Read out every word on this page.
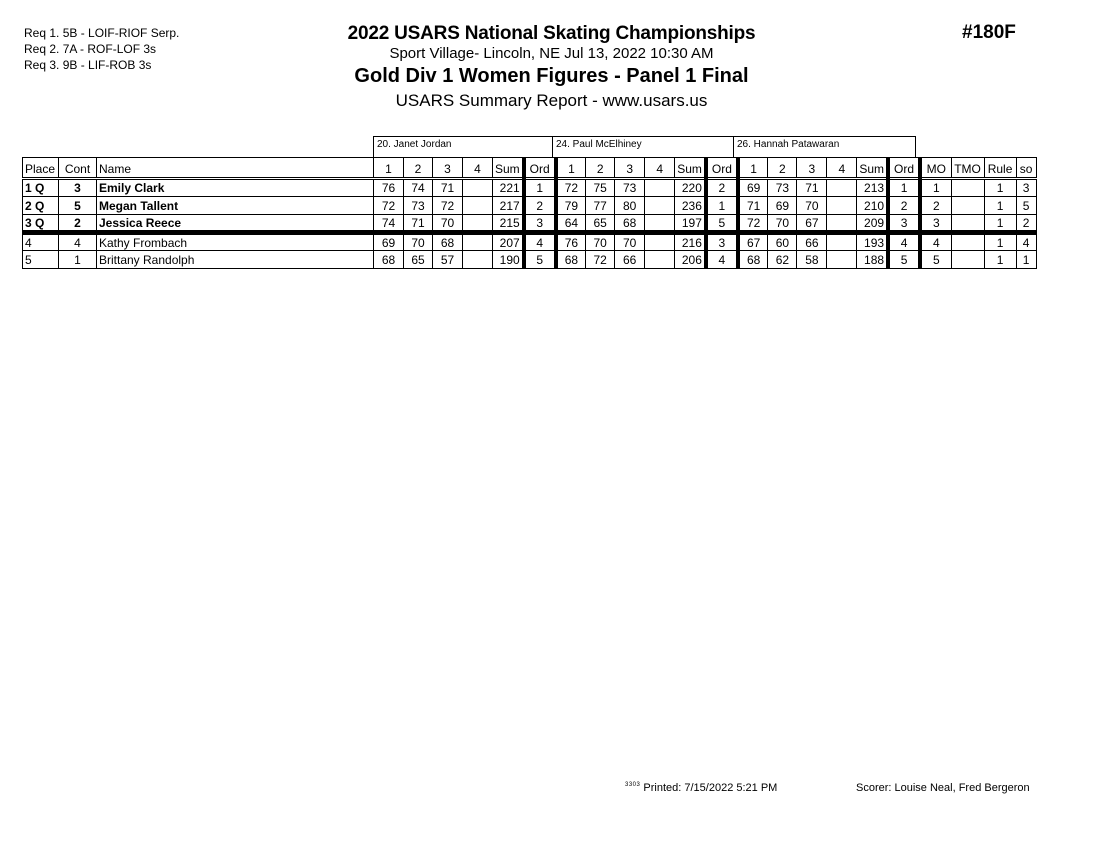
Req 1. 5B - LOIF-RIOF Serp.
Req 2. 7A - ROF-LOF 3s
Req 3. 9B - LIF-ROB 3s
2022 USARS National Skating Championships
Sport Village- Lincoln, NE Jul 13, 2022 10:30 AM
Gold Div 1 Women Figures - Panel 1 Final
USARS Summary Report - www.usars.us
#180F
20. Janet Jordan	24. Paul McElhiney	26. Hannah Patawaran
Place	Cont	Name	1	2	3	4	Sum	Ord	1	2	3	4	Sum	Ord	1	2	3	4	Sum	Ord	MO	TMO	Rule	so
1 Q	3	Emily Clark	76	74	71		221	1	72	75	73		220	2	69	73	71		213	1	1		1	3
2 Q	5	Megan Tallent	72	73	72		217	2	79	77	80		236	1	71	69	70		210	2	2		1	5
3 Q	2	Jessica Reece	74	71	70		215	3	64	65	68		197	5	72	70	67		209	3	3		1	2
4	4	Kathy Frombach	69	70	68		207	4	76	70	70		216	3	67	60	66		193	4	4		1	4
5	1	Brittany Randolph	68	65	57		190	5	68	72	66		206	4	68	62	58		188	5	5		1	1
$^{3303}$ Printed: 7/15/2022 5:21 PM	Scorer: Louise Neal, Fred Bergeron
